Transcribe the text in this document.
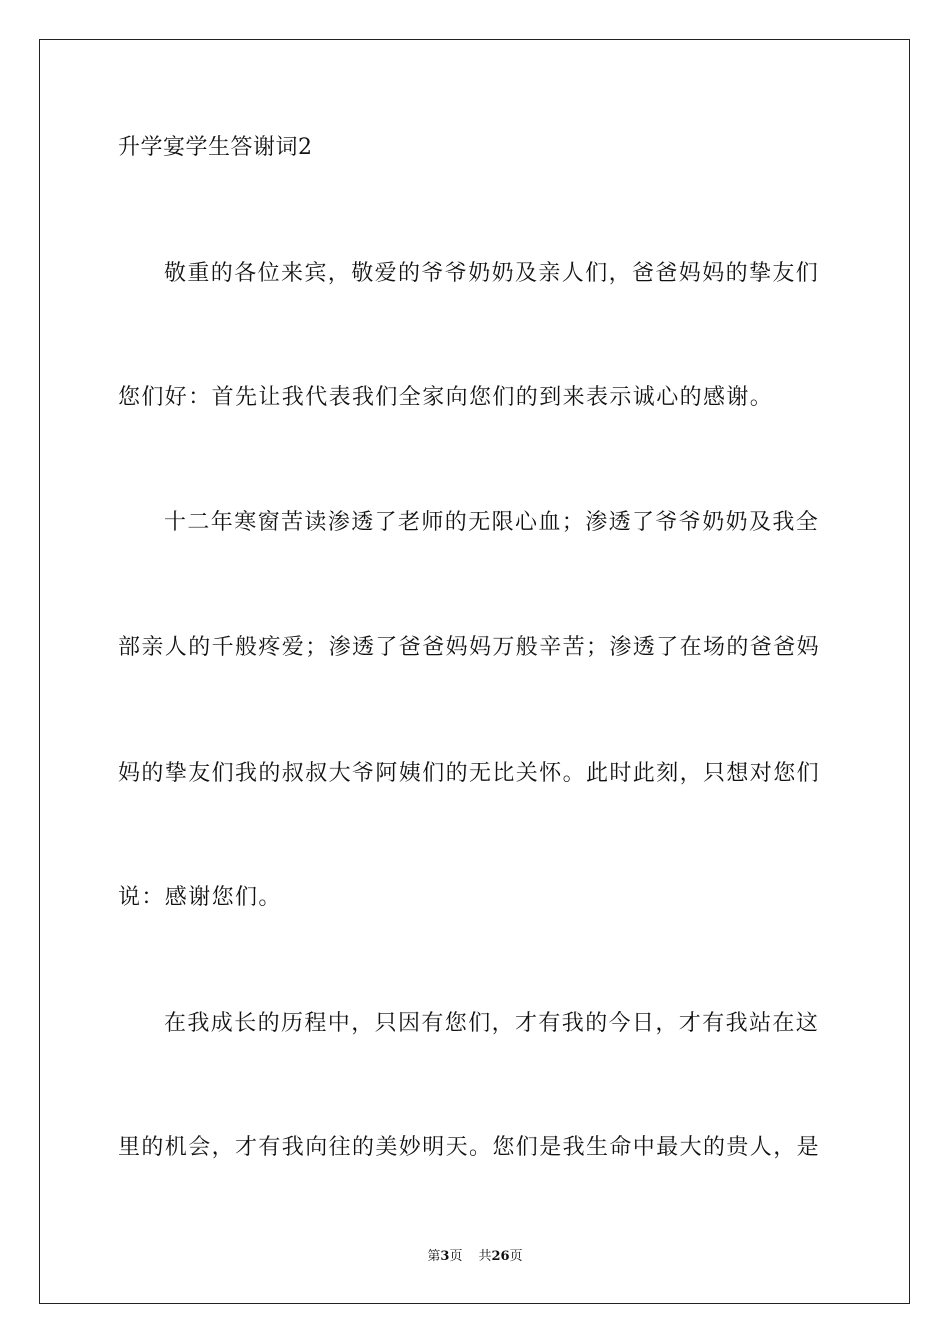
升学宴学生答谢词2
敬重的各位来宾，敬爱的爷爷奶奶及亲人们，爸爸妈妈的挚友们
您们好：首先让我代表我们全家向您们的到来表示诚心的感谢。
十二年寒窗苦读渗透了老师的无限心血；渗透了爷爷奶奶及我全
部亲人的千般疼爱；渗透了爸爸妈妈万般辛苦；渗透了在场的爸爸妈
妈的挚友们我的叔叔大爷阿姨们的无比关怀。此时此刻，只想对您们
说：感谢您们。
在我成长的历程中，只因有您们，才有我的今日，才有我站在这
里的机会，才有我向往的美妙明天。您们是我生命中最大的贵人，是
第3页 共26页
